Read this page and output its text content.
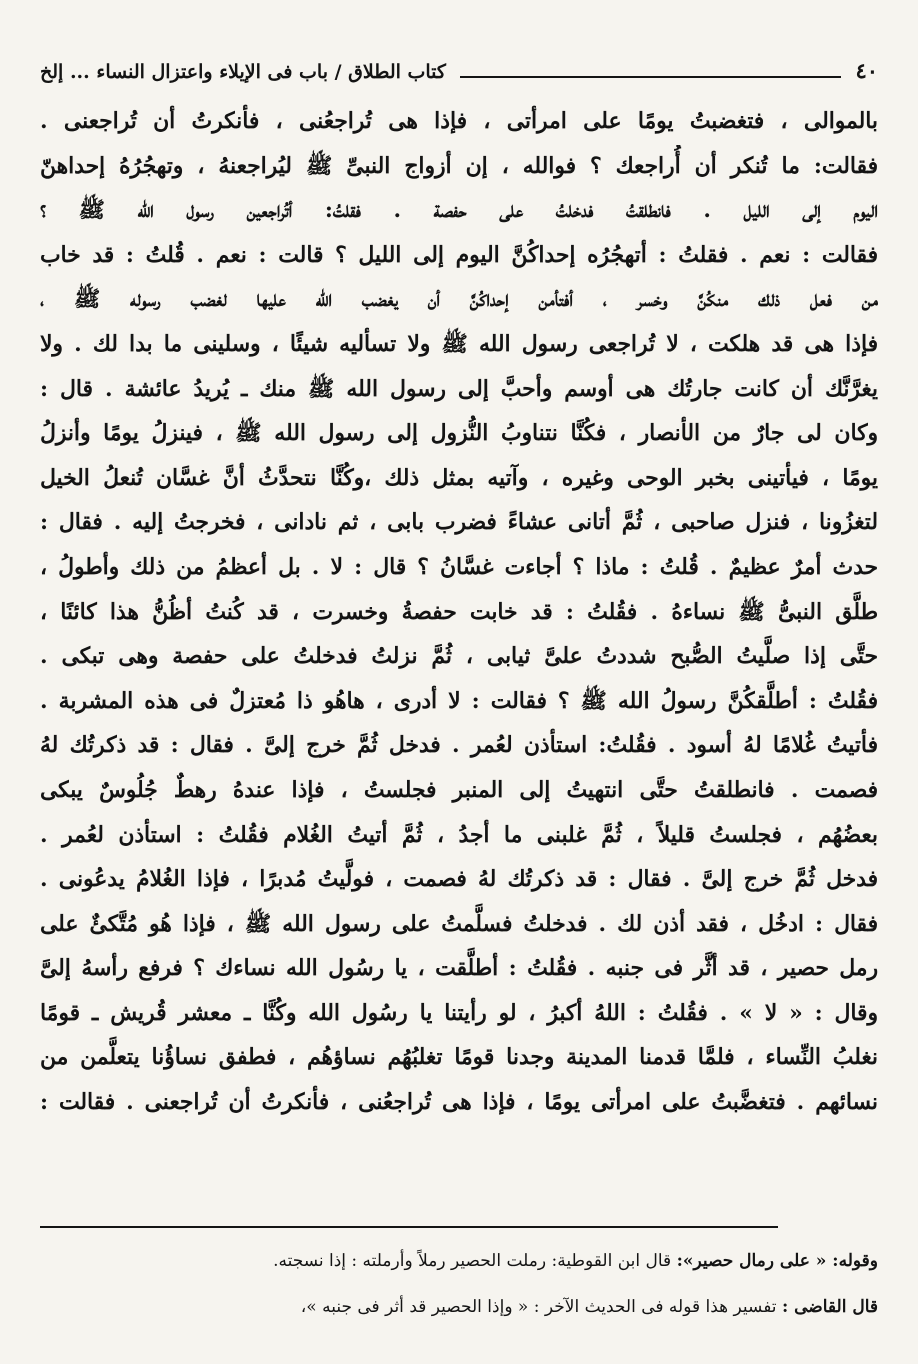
٤٠
كتاب الطلاق / باب فى الإيلاء واعتزال النساء ... إلخ
بالموالى ، فتغضبتُ يومًا على امرأتى ، فإذا هى تُراجعُنى ، فأنكرتُ أن تُراجعنى .
فقالت: ما تُنكر أن أُراجعك ؟ فوالله ، إن أزواج النبىِّ ﷺ ليُراجعنهُ ، وتهجُرُهُ إحداهنّ
اليوم إلى الليل . فانطلقتُ فدخلتُ على حفصة . فقلتُ: أتُراجعين رسول الله ﷺ ؟
فقالت : نعم . فقلتُ : أتهجُرُه إحداكُنَّ اليوم إلى الليل ؟ قالت : نعم . قُلتُ : قد خاب
من فعل ذلك منكُنَّ وخسر ، أفتأمن إحداكُنَّ أن يغضب الله عليها لغضب رسوله ﷺ ،
فإذا هى قد هلكت ، لا تُراجعى رسول الله ﷺ ولا تسأليه شيئًا ، وسلينى ما بدا لك . ولا
يغرَّنَّك أن كانت جارتُك هى أوسم وأحبَّ إلى رسول الله ﷺ منك ـ يُريدُ عائشة . قال :
وكان لى جارٌ من الأنصار ، فكُنَّا نتناوبُ النُّزول إلى رسول الله ﷺ ، فينزلُ يومًا وأنزلُ
يومًا ، فيأتينى بخبر الوحى وغيره ، وآتيه بمثل ذلك ،وكُنَّا نتحدَّثُ أنَّ غسَّان تُنعلُ الخيل
لتغزُونا ، فنزل صاحبى ، ثُمَّ أتانى عشاءً فضرب بابى ، ثم نادانى ، فخرجتُ إليه . فقال :
حدث أمرٌ عظيمٌ . قُلتُ : ماذا ؟ أجاءت غسَّانُ ؟ قال : لا . بل أعظمُ من ذلك وأطولُ ،
طلَّق النبىُّ ﷺ نساءهُ . فقُلتُ : قد خابت حفصةُ وخسرت ، قد كُنتُ أظُنُّ هذا كائنًا ،
حتَّى إذا صلَّيتُ الصُّبح شددتُ علىَّ ثيابى ، ثُمَّ نزلتُ فدخلتُ على حفصة وهى تبكى .
فقُلتُ : أطلَّقكُنَّ رسولُ الله ﷺ ؟ فقالت : لا أدرى ، هاهُو ذا مُعتزلٌ فى هذه المشربة .
فأتيتُ غُلامًا لهُ أسود . فقُلتُ: استأذن لعُمر . فدخل ثُمَّ خرج إلىَّ . فقال : قد ذكرتُك لهُ
فصمت . فانطلقتُ حتَّى انتهيتُ إلى المنبر فجلستُ ، فإذا عندهُ رهطٌ جُلُوسٌ يبكى
بعضُهُم ، فجلستُ قليلاً ، ثُمَّ غلبنى ما أجدُ ، ثُمَّ أتيتُ الغُلام فقُلتُ : استأذن لعُمر .
فدخل ثُمَّ خرج إلىَّ . فقال : قد ذكرتُك لهُ فصمت ، فولَّيتُ مُدبرًا ، فإذا الغُلامُ يدعُونى .
فقال : ادخُل ، فقد أذن لك . فدخلتُ فسلَّمتُ على رسول الله ﷺ ، فإذا هُو مُتَّكئٌ على
رمل حصير ، قد أثَّر فى جنبه . فقُلتُ : أطلَّقت ، يا رسُول الله نساءك ؟ فرفع رأسهُ إلىَّ
وقال : « لا » . فقُلتُ : اللهُ أكبرُ ، لو رأيتنا يا رسُول الله وكُنَّا ـ معشر قُريش ـ قومًا
نغلبُ النِّساء ، فلمَّا قدمنا المدينة وجدنا قومًا تغلبُهُم نساؤهُم ، فطفق نساؤُنا يتعلَّمن من
نسائهم . فتغضَّبتُ على امرأتى يومًا ، فإذا هى تُراجعُنى ، فأنكرتُ أن تُراجعنى . فقالت :
وقوله: « على رمال حصير»: قال ابن القوطية: رملت الحصير رملاً وأرملته : إذا نسجته.
قال القاضى : تفسير هذا قوله فى الحديث الآخر : « وإذا الحصير قد أثر فى جنبه »،
